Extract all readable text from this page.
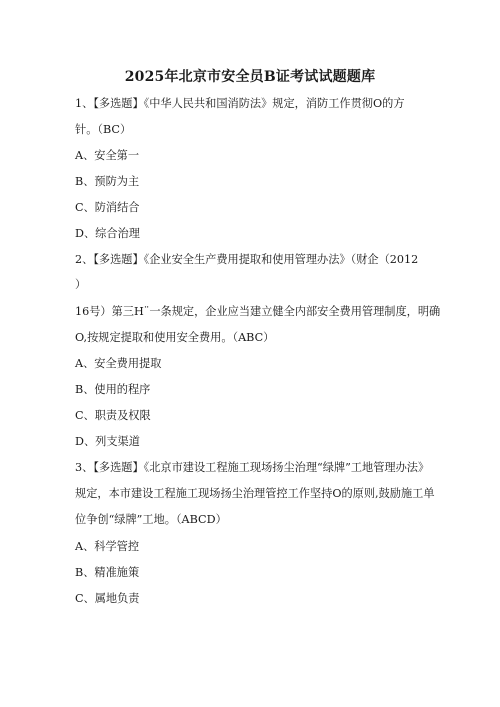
2025年北京市安全员B证考试试题题库
1、【多选题】《中华人民共和国消防法》规定，消防工作贯彻O的方
针。（BC）
A、安全第一
B、预防为主
C、防消结合
D、综合治理
2、【多选题】《企业安全生产费用提取和使用管理办法》（财企（2012
）
16号）第三H¨一条规定，企业应当建立健全内部安全费用管理制度，明确
O,按规定提取和使用安全费用。（ABC）
A、安全费用提取
B、使用的程序
C、职责及权限
D、列支渠道
3、【多选题】《北京市建设工程施工现场扬尘治理“绿牌”工地管理办法》
规定，本市建设工程施工现场扬尘治理管控工作坚持O的原则,鼓励施工单
位争创“绿牌”工地。（ABCD）
A、科学管控
B、精准施策
C、属地负责
